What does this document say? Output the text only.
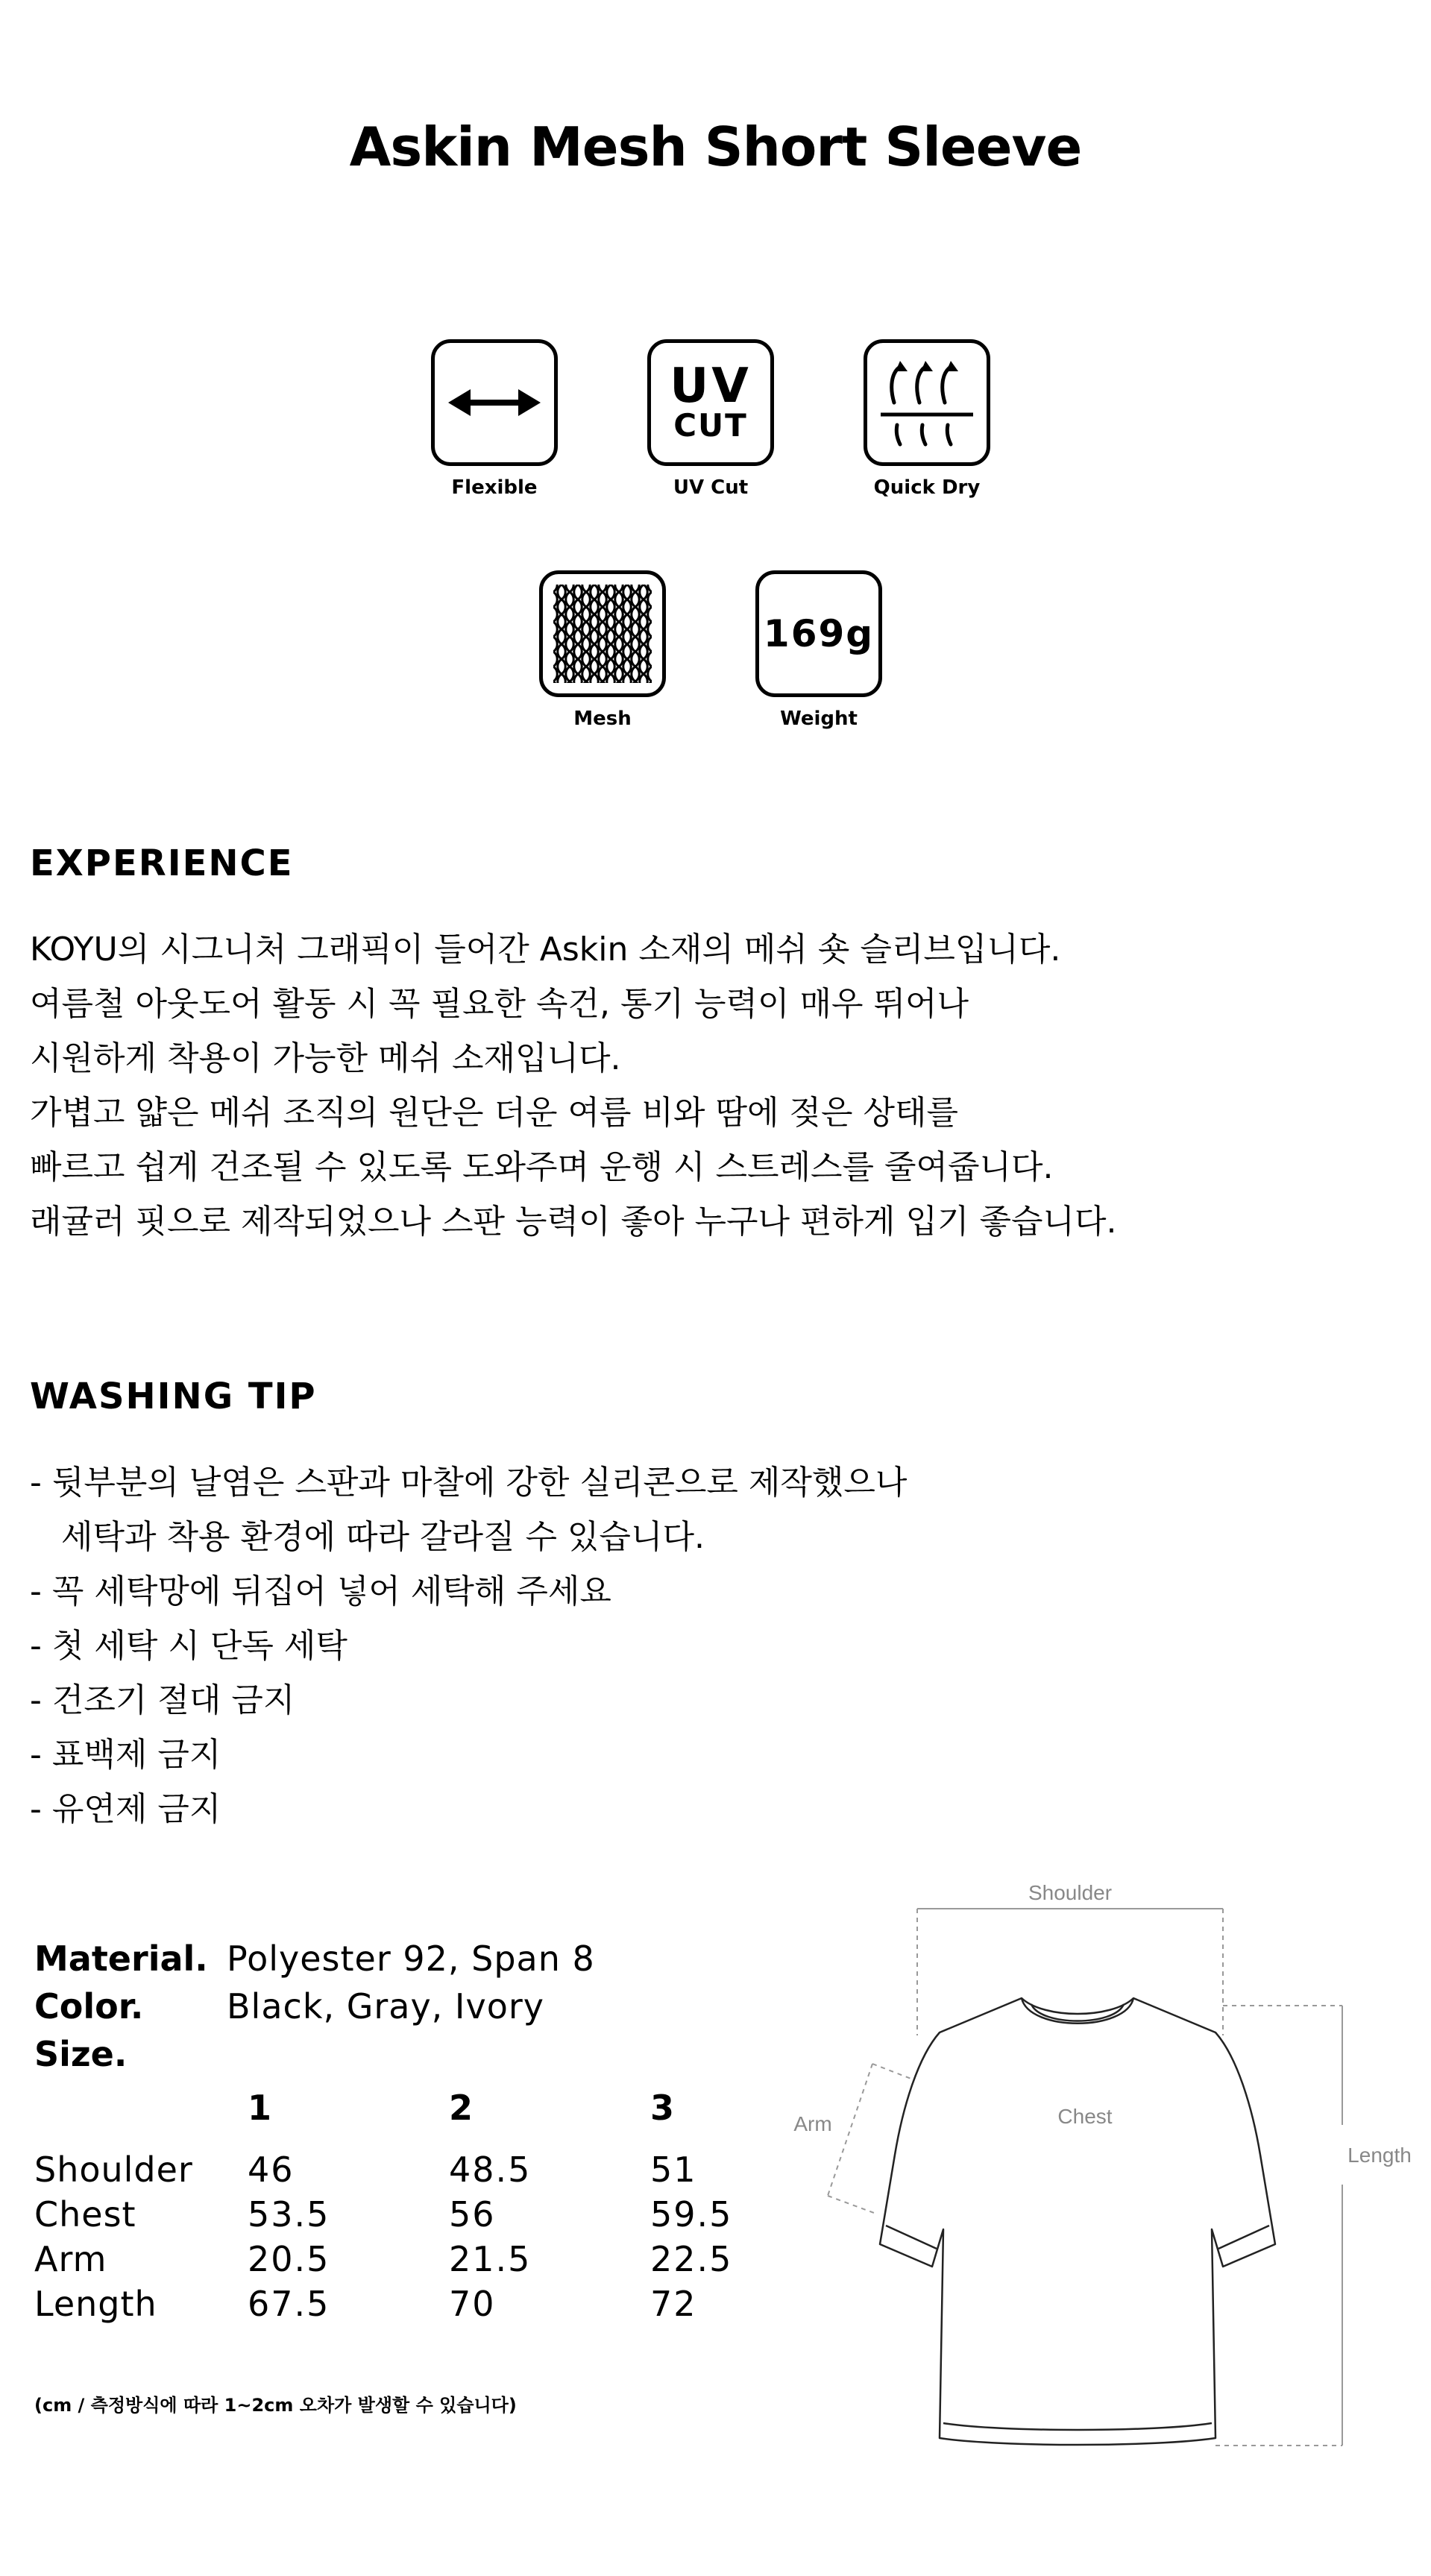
Askin Mesh Short Sleeve
Flexible
UV
CUT
UV Cut	Quick Dry
Mesh
169g
Weight
EXPERIENCE
KOYU의 시그니처 그래픽이 들어간 Askin 소재의 메쉬 숏 슬리브입니다.
여름철 아웃도어 활동 시 꼭 필요한 속건, 통기 능력이 매우 뛰어나
시원하게 착용이 가능한 메쉬 소재입니다.
가볍고 얇은 메쉬 조직의 원단은 더운 여름 비와 땀에 젖은 상태를
빠르고 쉽게 건조될 수 있도록 도와주며 운행 시 스트레스를 줄여줍니다.
래귤러 핏으로 제작되었으나 스판 능력이 좋아 누구나 편하게 입기 좋습니다.
WASHING TIP
- 뒷부분의 날염은 스판과 마찰에 강한 실리콘으로 제작했으나
세탁과 착용 환경에 따라 갈라질 수 있습니다.
- 꼭 세탁망에 뒤집어 넣어 세탁해 주세요
- 첫 세탁 시 단독 세탁
- 건조기 절대 금지
- 표백제 금지
- 유연제 금지
Material. Polyester 92, Span 8
Color.	Black, Gray, Ivory
Size.
	1	2	3
Shoulder	46	48.5	51
Chest	53.5	56	59.5
Arm	20.5	21.5	22.5
Length	67.5	70	72
(cm / 측정방식에 따라 1~2cm 오차가 발생할 수 있습니다)
Shoulder
Chest
Arm
Length
